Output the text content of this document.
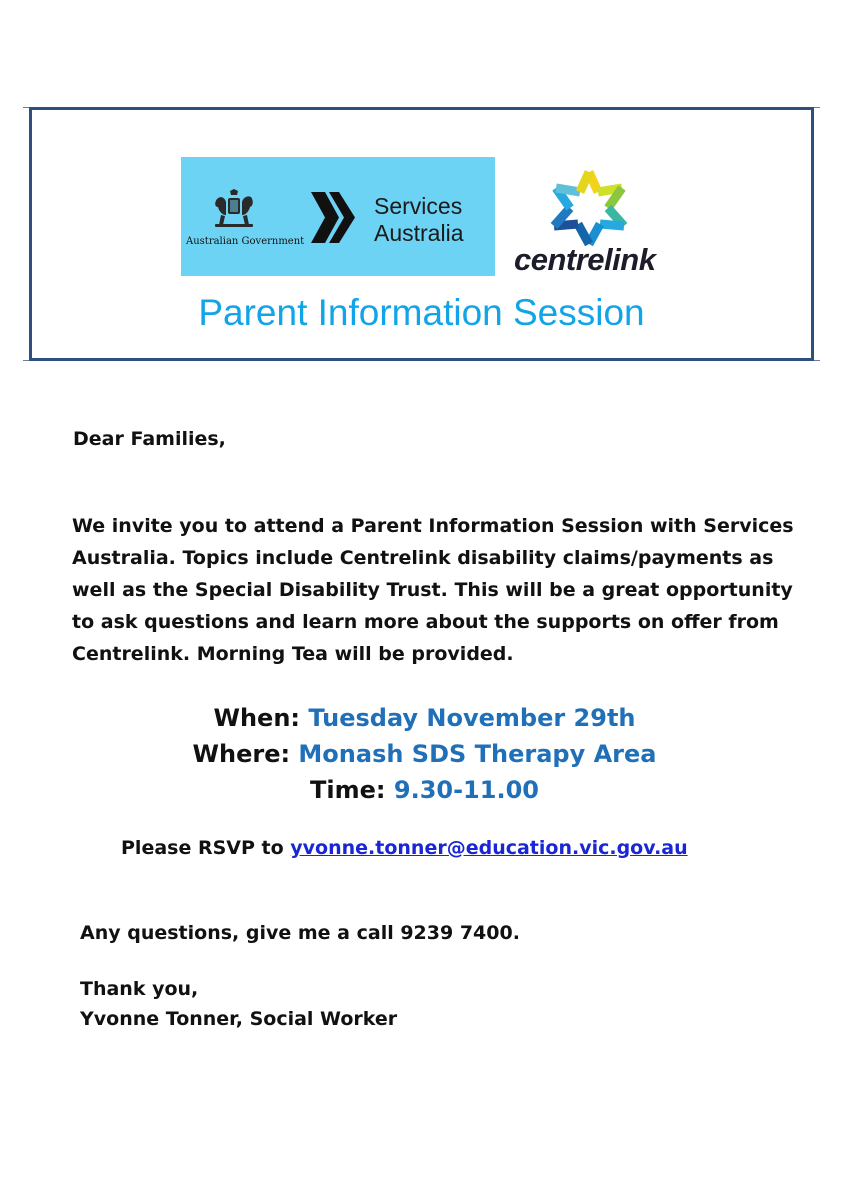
Australian Government
Services
Australia
centrelink
Parent Information Session
Dear Families,
We invite you to attend a Parent Information Session with Services
Australia. Topics include Centrelink disability claims/payments as
well as the Special Disability Trust. This will be a great opportunity
to ask questions and learn more about the supports on offer from
Centrelink. Morning Tea will be provided.
When: Tuesday November 29th
Where: Monash SDS Therapy Area
Time: 9.30-11.00
Please RSVP to yvonne.tonner@education.vic.gov.au
Any questions, give me a call 9239 7400.
Thank you,
Yvonne Tonner, Social Worker
